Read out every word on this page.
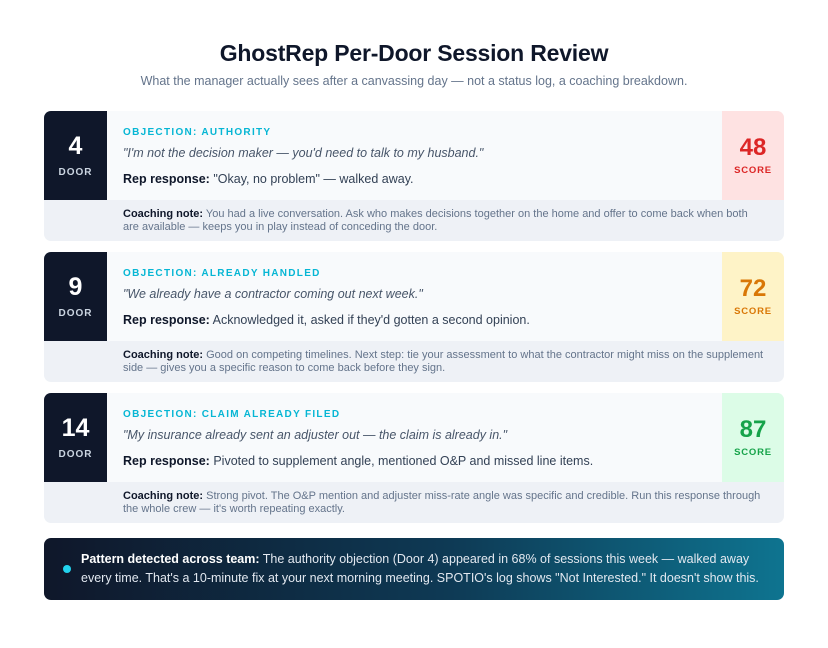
GhostRep Per-Door Session Review
What the manager actually sees after a canvassing day — not a status log, a coaching breakdown.
4
DOOR
OBJECTION: AUTHORITY
"I'm not the decision maker — you'd need to talk to my husband."
Rep response: "Okay, no problem" — walked away.
48
SCORE
Coaching note: You had a live conversation. Ask who makes decisions together on the home and offer to come back when both are available — keeps you in play instead of conceding the door.
9
DOOR
OBJECTION: ALREADY HANDLED
"We already have a contractor coming out next week."
Rep response: Acknowledged it, asked if they'd gotten a second opinion.
72
SCORE
Coaching note: Good on competing timelines. Next step: tie your assessment to what the contractor might miss on the supplement side — gives you a specific reason to come back before they sign.
14
DOOR
OBJECTION: CLAIM ALREADY FILED
"My insurance already sent an adjuster out — the claim is already in."
Rep response: Pivoted to supplement angle, mentioned O&P and missed line items.
87
SCORE
Coaching note: Strong pivot. The O&P mention and adjuster miss-rate angle was specific and credible. Run this response through the whole crew — it's worth repeating exactly.
Pattern detected across team: The authority objection (Door 4) appeared in 68% of sessions this week — walked away every time. That's a 10-minute fix at your next morning meeting. SPOTIO's log shows "Not Interested." It doesn't show this.
